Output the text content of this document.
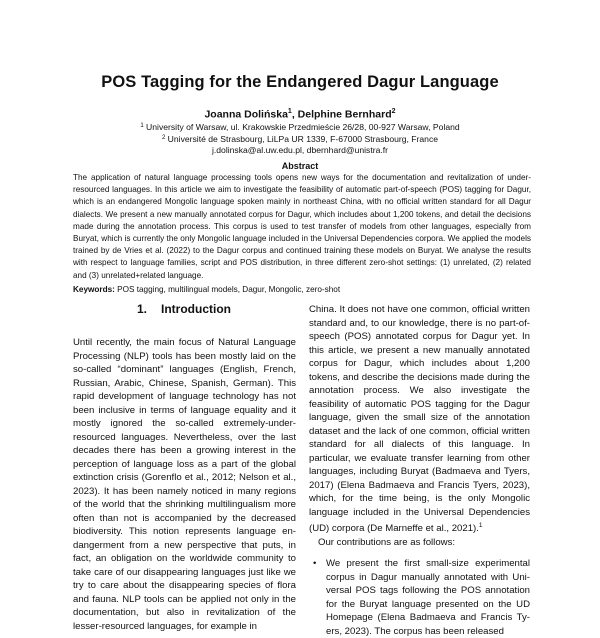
POS Tagging for the Endangered Dagur Language
Joanna Dolińska$^1$, Delphine Bernhard$^2$
$^1$ University of Warsaw, ul. Krakowskie Przedmieście 26/28, 00-927 Warsaw, Poland
$^2$ Université de Strasbourg, LiLPa UR 1339, F-67000 Strasbourg, France
j.dolinska@al.uw.edu.pl, dbernhard@unistra.fr
Abstract
The application of natural language processing tools opens new ways for the documentation and revitalization of under-resourced languages. In this article we aim to investigate the feasibility of automatic part-of-speech (POS) tagging for Dagur, which is an endangered Mongolic language spoken mainly in northeast China, with no official written standard for all Dagur dialects. We present a new manually annotated corpus for Dagur, which includes about 1,200 tokens, and detail the decisions made during the annotation process. This corpus is used to test transfer of models from other languages, especially from Buryat, which is currently the only Mongolic language included in the Universal Dependencies corpora. We applied the models trained by de Vries et al. (2022) to the Dagur corpus and continued training these models on Buryat. We analyse the results with respect to language families, script and POS distribution, in three different zero-shot settings: (1) unrelated, (2) related and (3) unrelated+related language.
Keywords: POS tagging, multilingual models, Dagur, Mongolic, zero-shot
1. Introduction

Until recently, the main focus of Natural Language Processing (NLP) tools has been mostly laid on the so-called “dominant” languages (English, French, Russian, Arabic, Chinese, Spanish, German). This rapid development of language technology has not been inclusive in terms of language equality and it mostly ignored the so-called extremely-under-resourced languages. Nevertheless, over the last decades there has been a growing interest in the perception of language loss as a part of the global extinction crisis (Gorenflo et al., 2012; Nelson et al., 2023). It has been namely noticed in many regions of the world that the shrinking multilingualism more often than not is accompanied by the decreased biodiversity. This notion represents language endangerment from a new perspective that puts, in fact, an obligation on the worldwide community to take care of our disappearing languages just like we try to care about the disappearing species of flora and fauna. NLP tools can be applied not only in the documentation, but also in revitalization of the lesser-resourced languages, for example in

China. It does not have one common, official written standard and, to our knowledge, there is no part-of-speech (POS) annotated corpus for Dagur yet. In this article, we present a new manually annotated corpus for Dagur, which includes about 1,200 tokens, and describe the decisions made during the annotation process. We also investigate the feasibility of automatic POS tagging for the Dagur language, given the small size of the annotation dataset and the lack of one common, official written standard for all dialects of this language. In particular, we evaluate transfer learning from other languages, including Buryat (Badmaeva and Tyers, 2017) (Elena Badmaeva and Francis Tyers, 2023), which, for the time being, is the only Mongolic language included in the Universal Dependencies (UD) corpora (De Marneffe et al., 2021).$^1$

Our contributions are as follows:

• We present the first small-size experimental corpus in Dagur manually annotated with Universal POS tags following the POS annotation for the Buryat language presented on the UD Homepage (Elena Badmaeva and Francis Tyers, 2023). The corpus has been released
